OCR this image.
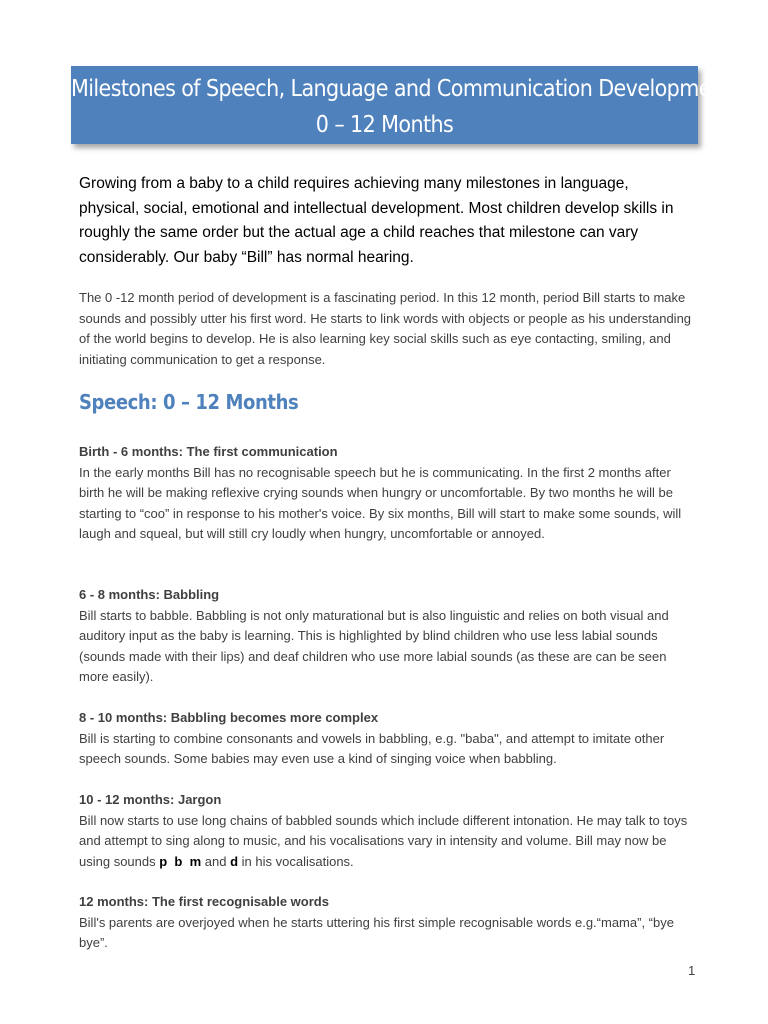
Milestones of Speech, Language and Communication Development:
0 – 12 Months

Growing from a baby to a child requires achieving many milestones in language, physical, social, emotional and intellectual development. Most children develop skills in roughly the same order but the actual age a child reaches that milestone can vary considerably. Our baby “Bill” has normal hearing.

The 0 -12 month period of development is a fascinating period. In this 12 month, period Bill starts to make sounds and possibly utter his first word. He starts to link words with objects or people as his understanding of the world begins to develop. He is also learning key social skills such as eye contacting, smiling, and initiating communication to get a response.

Speech: 0 – 12 Months
Birth - 6 months: The first communication

In the early months Bill has no recognisable speech but he is communicating. In the first 2 months after birth he will be making reflexive crying sounds when hungry or uncomfortable. By two months he will be starting to “coo” in response to his mother's voice. By six months, Bill will start to make some sounds, will laugh and squeal, but will still cry loudly when hungry, uncomfortable or annoyed.

6 - 8 months: Babbling

Bill starts to babble. Babbling is not only maturational but is also linguistic and relies on both visual and auditory input as the baby is learning. This is highlighted by blind children who use less labial sounds (sounds made with their lips) and deaf children who use more labial sounds (as these are can be seen more easily).

8 - 10 months: Babbling becomes more complex

Bill is starting to combine consonants and vowels in babbling, e.g. "baba", and attempt to imitate other speech sounds. Some babies may even use a kind of singing voice when babbling.

10 - 12 months: Jargon

Bill now starts to use long chains of babbled sounds which include different intonation. He may talk to toys and attempt to sing along to music, and his vocalisations vary in intensity and volume. Bill may now be using sounds p b m and d in his vocalisations.

12 months: The first recognisable words

Bill's parents are overjoyed when he starts uttering his first simple recognisable words e.g.“mama”, “bye bye”.

1
